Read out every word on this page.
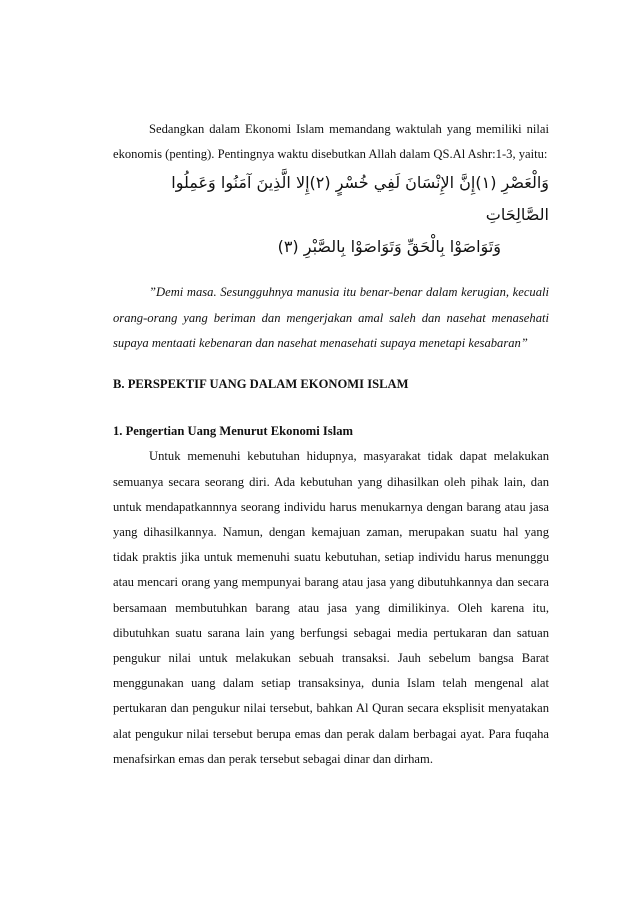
Sedangkan dalam Ekonomi Islam memandang waktulah yang memiliki nilai ekonomis (penting). Pentingnya waktu disebutkan Allah dalam QS.Al Ashr:1-3, yaitu:

وَالْعَصْرِ (١)إِنَّ الإِنْسَانَ لَفِي خُسْرٍ (٢)إِلا الَّذِينَ آمَنُوا وَعَمِلُوا الصَّالِحَاتِ

وَتَوَاصَوْا بِالْحَقِّ وَتَوَاصَوْا بِالصَّبْرِ (٣)

”Demi masa. Sesungguhnya manusia itu benar-benar dalam kerugian, kecuali orang-orang yang beriman dan mengerjakan amal saleh dan nasehat menasehati supaya mentaati kebenaran dan nasehat menasehati supaya menetapi kesabaran”

B. PERSPEKTIF UANG DALAM EKONOMI ISLAM

1. Pengertian Uang Menurut Ekonomi Islam

Untuk memenuhi kebutuhan hidupnya, masyarakat tidak dapat melakukan semuanya secara seorang diri. Ada kebutuhan yang dihasilkan oleh pihak lain, dan untuk mendapatkannnya seorang individu harus menukarnya dengan barang atau jasa yang dihasilkannya. Namun, dengan kemajuan zaman, merupakan suatu hal yang tidak praktis jika untuk memenuhi suatu kebutuhan, setiap individu harus menunggu atau mencari orang yang mempunyai barang atau jasa yang dibutuhkannya dan secara bersamaan membutuhkan barang atau jasa yang dimilikinya. Oleh karena itu, dibutuhkan suatu sarana lain yang berfungsi sebagai media pertukaran dan satuan pengukur nilai untuk melakukan sebuah transaksi. Jauh sebelum bangsa Barat menggunakan uang dalam setiap transaksinya, dunia Islam telah mengenal alat pertukaran dan pengukur nilai tersebut, bahkan Al Quran secara eksplisit menyatakan alat pengukur nilai tersebut berupa emas dan perak dalam berbagai ayat. Para fuqaha menafsirkan emas dan perak tersebut sebagai dinar dan dirham.
